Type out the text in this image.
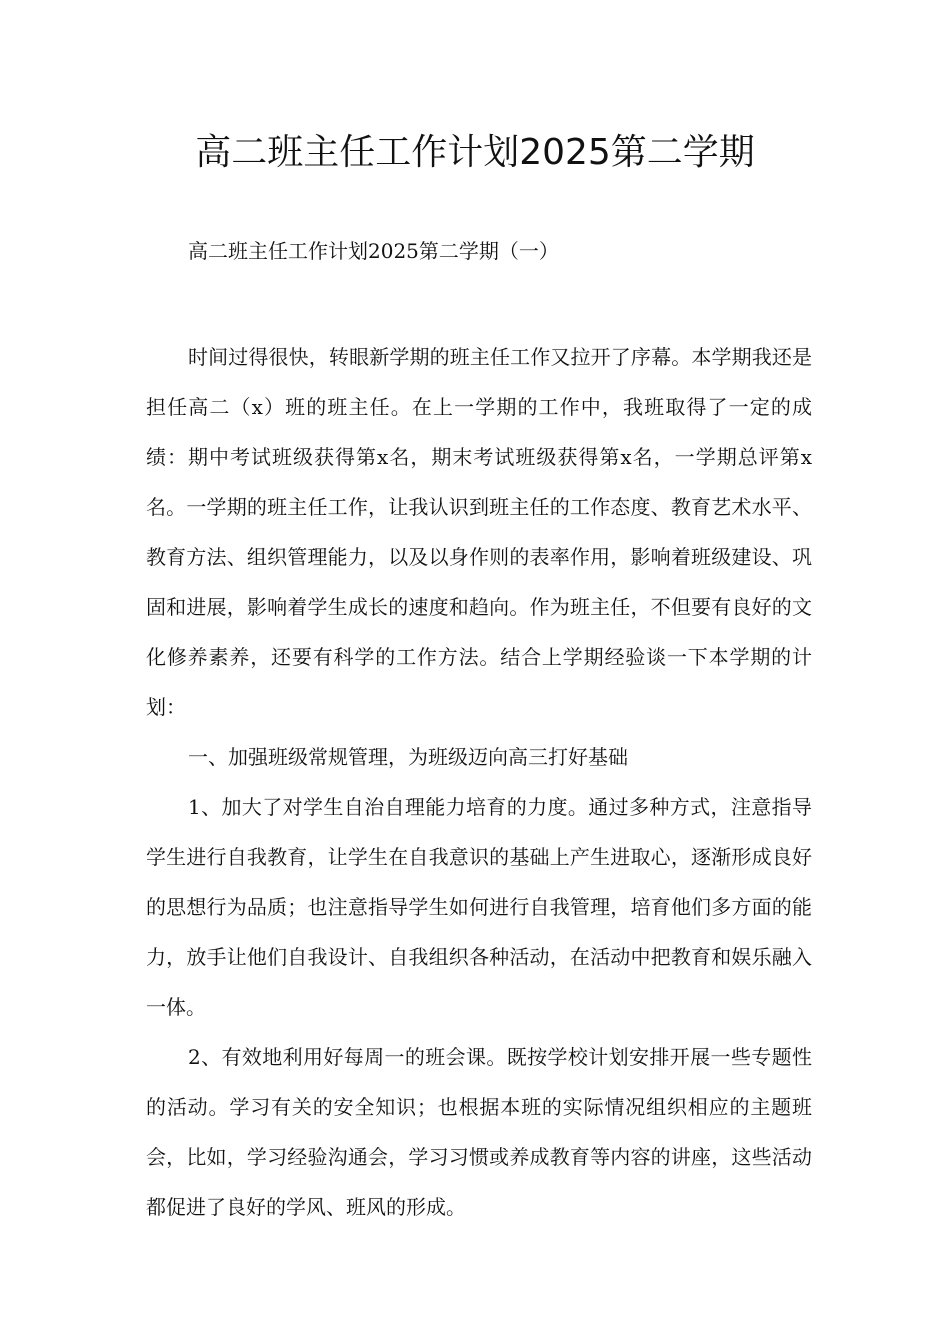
高二班主任工作计划2025第二学期

高二班主任工作计划2025第二学期（一）

时间过得很快，转眼新学期的班主任工作又拉开了序幕。本学期我还是担任高二（x）班的班主任。在上一学期的工作中，我班取得了一定的成绩：期中考试班级获得第x名，期末考试班级获得第x名，一学期总评第x名。一学期的班主任工作，让我认识到班主任的工作态度、教育艺术水平、教育方法、组织管理能力，以及以身作则的表率作用，影响着班级建设、巩固和进展，影响着学生成长的速度和趋向。作为班主任，不但要有良好的文化修养素养，还要有科学的工作方法。结合上学期经验谈一下本学期的计划：

一、加强班级常规管理，为班级迈向高三打好基础

1、加大了对学生自治自理能力培育的力度。通过多种方式，注意指导学生进行自我教育，让学生在自我意识的基础上产生进取心，逐渐形成良好的思想行为品质；也注意指导学生如何进行自我管理，培育他们多方面的能力，放手让他们自我设计、自我组织各种活动，在活动中把教育和娱乐融入一体。

2、有效地利用好每周一的班会课。既按学校计划安排开展一些专题性的活动。学习有关的安全知识；也根据本班的实际情况组织相应的主题班会，比如，学习经验沟通会，学习习惯或养成教育等内容的讲座，这些活动都促进了良好的学风、班风的形成。
